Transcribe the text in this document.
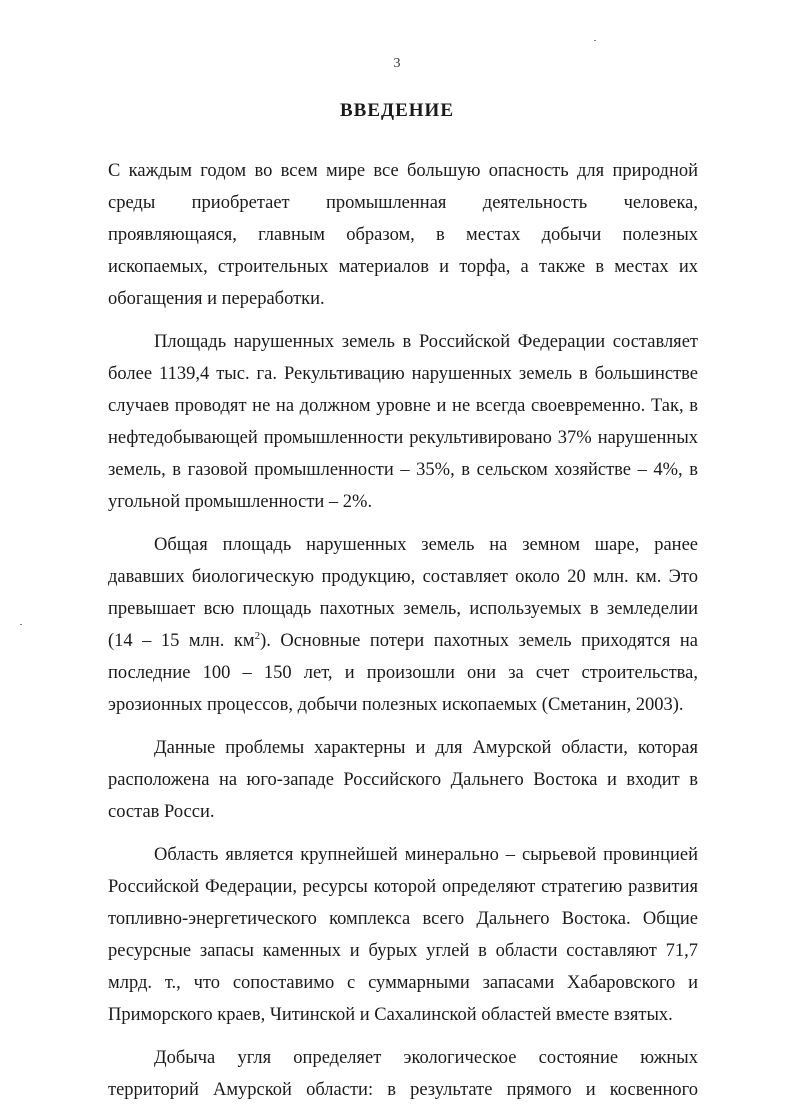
3
ВВЕДЕНИЕ

С каждым годом во всем мире все большую опасность для природной среды приобретает промышленная деятельность человека, проявляющаяся, главным образом, в местах добычи полезных ископаемых, строительных материалов и торфа, а также в местах их обогащения и переработки.

Площадь нарушенных земель в Российской Федерации составляет более 1139,4 тыс. га. Рекультивацию нарушенных земель в большинстве случаев проводят не на должном уровне и не всегда своевременно. Так, в нефтедобывающей промышленности рекультивировано 37% нарушенных земель, в газовой промышленности – 35%, в сельском хозяйстве – 4%, в угольной промышленности – 2%.

Общая площадь нарушенных земель на земном шаре, ранее дававших биологическую продукцию, составляет около 20 млн. км. Это превышает всю площадь пахотных земель, используемых в земледелии (14 – 15 млн. $км^2$). Основные потери пахотных земель приходятся на последние 100 – 150 лет, и произошли они за счет строительства, эрозионных процессов, добычи полезных ископаемых (Сметанин, 2003).

Данные проблемы характерны и для Амурской области, которая расположена на юго-западе Российского Дальнего Востока и входит в состав Росси.

Область является крупнейшей минерально – сырьевой провинцией Российской Федерации, ресурсы которой определяют стратегию развития топливно-энергетического комплекса всего Дальнего Востока. Общие ресурсные запасы каменных и бурых углей в области составляют 71,7 млрд. т., что сопоставимо с суммарными запасами Хабаровского и Приморского краев, Читинской и Сахалинской областей вместе взятых.

Добыча угля определяет экологическое состояние южных территорий Амурской области: в результате прямого и косвенного
